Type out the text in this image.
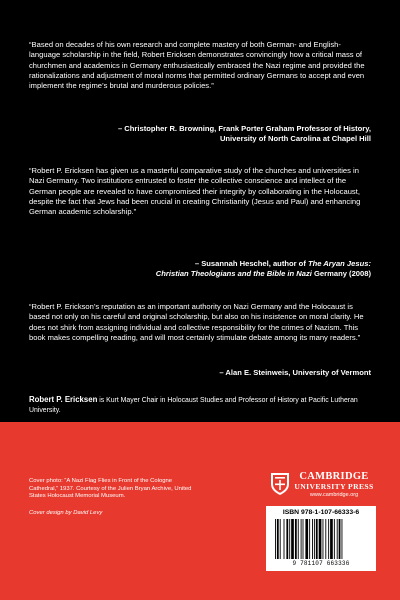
“Based on decades of his own research and complete mastery of both German- and English-language scholarship in the field, Robert Ericksen demonstrates convincingly how a critical mass of churchmen and academics in Germany enthusiastically embraced the Nazi regime and provided the rationalizations and adjustment of moral norms that permitted ordinary Germans to accept and even implement the regime’s brutal and murderous policies.”
– Christopher R. Browning, Frank Porter Graham Professor of History,
University of North Carolina at Chapel Hill
“Robert P. Ericksen has given us a masterful comparative study of the churches and universities in Nazi Germany. Two institutions entrusted to foster the collective conscience and intellect of the German people are revealed to have compromised their integrity by collaborating in the Holocaust, despite the fact that Jews had been crucial in creating Christianity (Jesus and Paul) and enhancing German academic scholarship.”
– Susannah Heschel, author of The Aryan Jesus:
Christian Theologians and the Bible in Nazi Germany (2008)
“Robert P. Erickson’s reputation as an important authority on Nazi Germany and the Holocaust is based not only on his careful and original scholarship, but also on his insistence on moral clarity. He does not shirk from assigning individual and collective responsibility for the crimes of Nazism. This book makes compelling reading, and will most certainly stimulate debate among its many readers.”
– Alan E. Steinweis, University of Vermont
Robert P. Ericksen is Kurt Mayer Chair in Holocaust Studies and Professor of History at Pacific Lutheran University.
Cover photo: “A Nazi Flag Flies in Front of the Cologne Cathedral,” 1937. Courtesy of the Julien Bryan Archive, United States Holocaust Memorial Museum.
Cover design by David Levy
CAMBRIDGE
UNIVERSITY PRESS
www.cambridge.org
ISBN 978-1-107-66333-6
9 781107 663336
